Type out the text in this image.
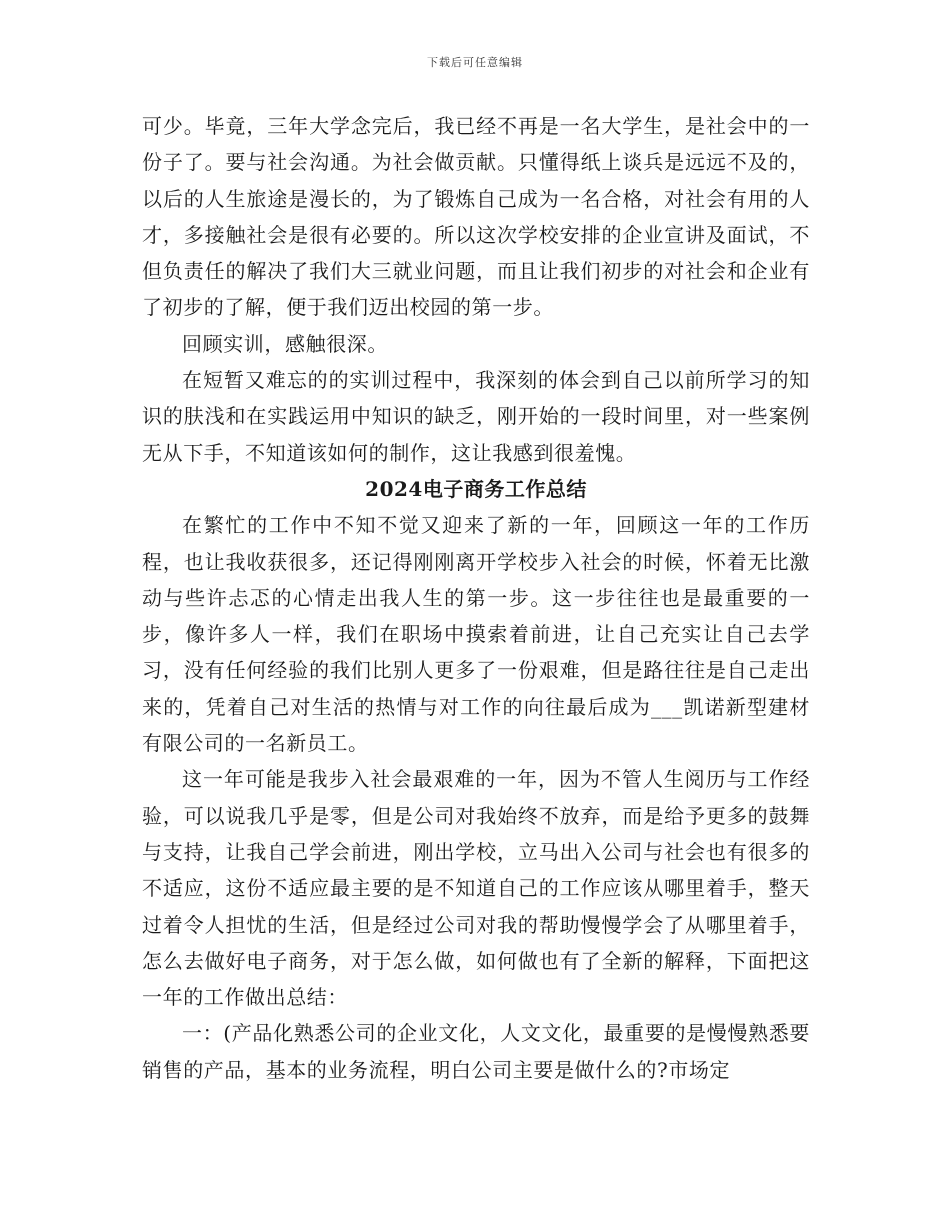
下载后可任意编辑

可少。毕竟，三年大学念完后，我已经不再是一名大学生，是社会中的一份子了。要与社会沟通。为社会做贡献。只懂得纸上谈兵是远远不及的，以后的人生旅途是漫长的，为了锻炼自己成为一名合格，对社会有用的人才，多接触社会是很有必要的。所以这次学校安排的企业宣讲及面试，不但负责任的解决了我们大三就业问题，而且让我们初步的对社会和企业有了初步的了解，便于我们迈出校园的第一步。

回顾实训，感触很深。

在短暂又难忘的的实训过程中，我深刻的体会到自己以前所学习的知识的肤浅和在实践运用中知识的缺乏，刚开始的一段时间里，对一些案例无从下手，不知道该如何的制作，这让我感到很羞愧。

2024电子商务工作总结

在繁忙的工作中不知不觉又迎来了新的一年，回顾这一年的工作历程，也让我收获很多，还记得刚刚离开学校步入社会的时候，怀着无比激动与些许忐忑的心情走出我人生的第一步。这一步往往也是最重要的一步，像许多人一样，我们在职场中摸索着前进，让自己充实让自己去学习，没有任何经验的我们比别人更多了一份艰难，但是路往往是自己走出来的，凭着自己对生活的热情与对工作的向往最后成为___凯诺新型建材有限公司的一名新员工。

这一年可能是我步入社会最艰难的一年，因为不管人生阅历与工作经验，可以说我几乎是零，但是公司对我始终不放弃，而是给予更多的鼓舞与支持，让我自己学会前进，刚出学校，立马出入公司与社会也有很多的不适应，这份不适应最主要的是不知道自己的工作应该从哪里着手，整天过着令人担忧的生活，但是经过公司对我的帮助慢慢学会了从哪里着手，怎么去做好电子商务，对于怎么做，如何做也有了全新的解释，下面把这一年的工作做出总结：

一：(产品化熟悉公司的企业文化，人文文化，最重要的是慢慢熟悉要销售的产品，基本的业务流程，明白公司主要是做什么的?市场定
